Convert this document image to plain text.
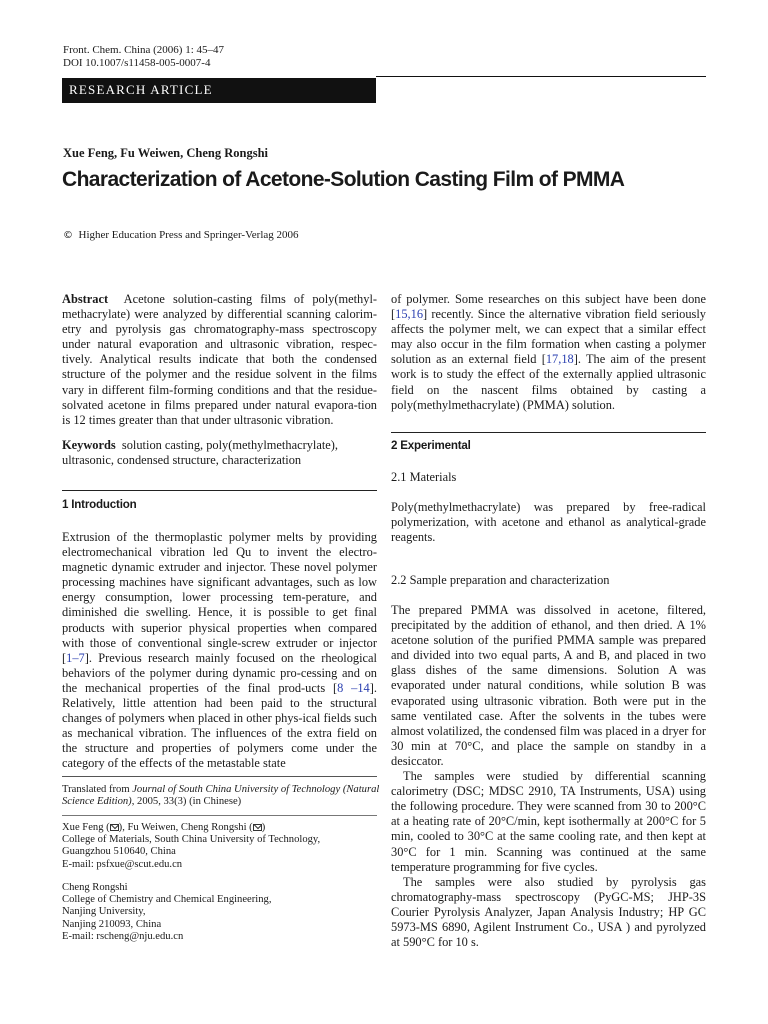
Front. Chem. China (2006) 1: 45–47
DOI 10.1007/s11458-005-0007-4
RESEARCH ARTICLE
Xue Feng, Fu Weiwen, Cheng Rongshi
Characterization of Acetone-Solution Casting Film of PMMA
© Higher Education Press and Springer-Verlag 2006

Abstract Acetone solution-casting films of poly(methyl-methacrylate) were analyzed by differential scanning calorim-etry and pyrolysis gas chromatography-mass spectroscopy under natural evaporation and ultrasonic vibration, respec-tively. Analytical results indicate that both the condensed structure of the polymer and the residue solvent in the films vary in different film-forming conditions and that the residue-solvated acetone in films prepared under natural evapora-tion is 12 times greater than that under ultrasonic vibration.

Keywords solution casting, poly(methylmethacrylate), ultrasonic, condensed structure, characterization

1 Introduction

Extrusion of the thermoplastic polymer melts by providing electromechanical vibration led Qu to invent the electro-magnetic dynamic extruder and injector. These novel polymer processing machines have significant advantages, such as low energy consumption, lower processing tem-perature, and diminished die swelling. Hence, it is possible to get final products with superior physical properties when compared with those of conventional single-screw extruder or injector [1–7]. Previous research mainly focused on the rheological behaviors of the polymer during dynamic pro-cessing and on the mechanical properties of the final prod-ucts [8 –14]. Relatively, little attention had been paid to the structural changes of polymers when placed in other phys-ical fields such as mechanical vibration. The influences of the extra field on the structure and properties of polymers come under the category of the effects of the metastable state

Translated from Journal of South China University of Technology (Natural Science Edition), 2005, 33(3) (in Chinese)

Xue Feng ( ), Fu Weiwen, Cheng Rongshi ( )

College of Materials, South China University of Technology,

Guangzhou 510640, China

E-mail: psfxue@scut.edu.cn

Cheng Rongshi

College of Chemistry and Chemical Engineering,

Nanjing University,

Nanjing 210093, China

E-mail: rscheng@nju.edu.cn

of polymer. Some researches on this subject have been done [15,16] recently. Since the alternative vibration field seriously affects the polymer melt, we can expect that a similar effect may also occur in the film formation when casting a polymer solution as an external field [17,18]. The aim of the present work is to study the effect of the externally applied ultrasonic field on the nascent films obtained by casting a poly(methylmethacrylate) (PMMA) solution.

2 Experimental
2.1 Materials

Poly(methylmethacrylate) was prepared by free-radical polymerization, with acetone and ethanol as analytical-grade reagents.

2.2 Sample preparation and characterization

The prepared PMMA was dissolved in acetone, filtered, precipitated by the addition of ethanol, and then dried. A 1% acetone solution of the purified PMMA sample was prepared and divided into two equal parts, A and B, and placed in two glass dishes of the same dimensions. Solution A was evaporated under natural conditions, while solution B was evaporated using ultrasonic vibration. Both were put in the same ventilated case. After the solvents in the tubes were almost volatilized, the condensed film was placed in a dryer for 30 min at 70°C, and place the sample on standby in a desiccator.

The samples were studied by differential scanning calorimetry (DSC; MDSC 2910, TA Instruments, USA) using the following procedure. They were scanned from 30 to 200°C at a heating rate of 20°C/min, kept isothermally at 200°C for 5 min, cooled to 30°C at the same cooling rate, and then kept at 30°C for 1 min. Scanning was continued at the same temperature programming for five cycles.

The samples were also studied by pyrolysis gas chromatography-mass spectroscopy (PyGC-MS; JHP-3S Courier Pyrolysis Analyzer, Japan Analysis Industry; HP GC 5973-MS 6890, Agilent Instrument Co., USA ) and pyrolyzed at 590°C for 10 s.
